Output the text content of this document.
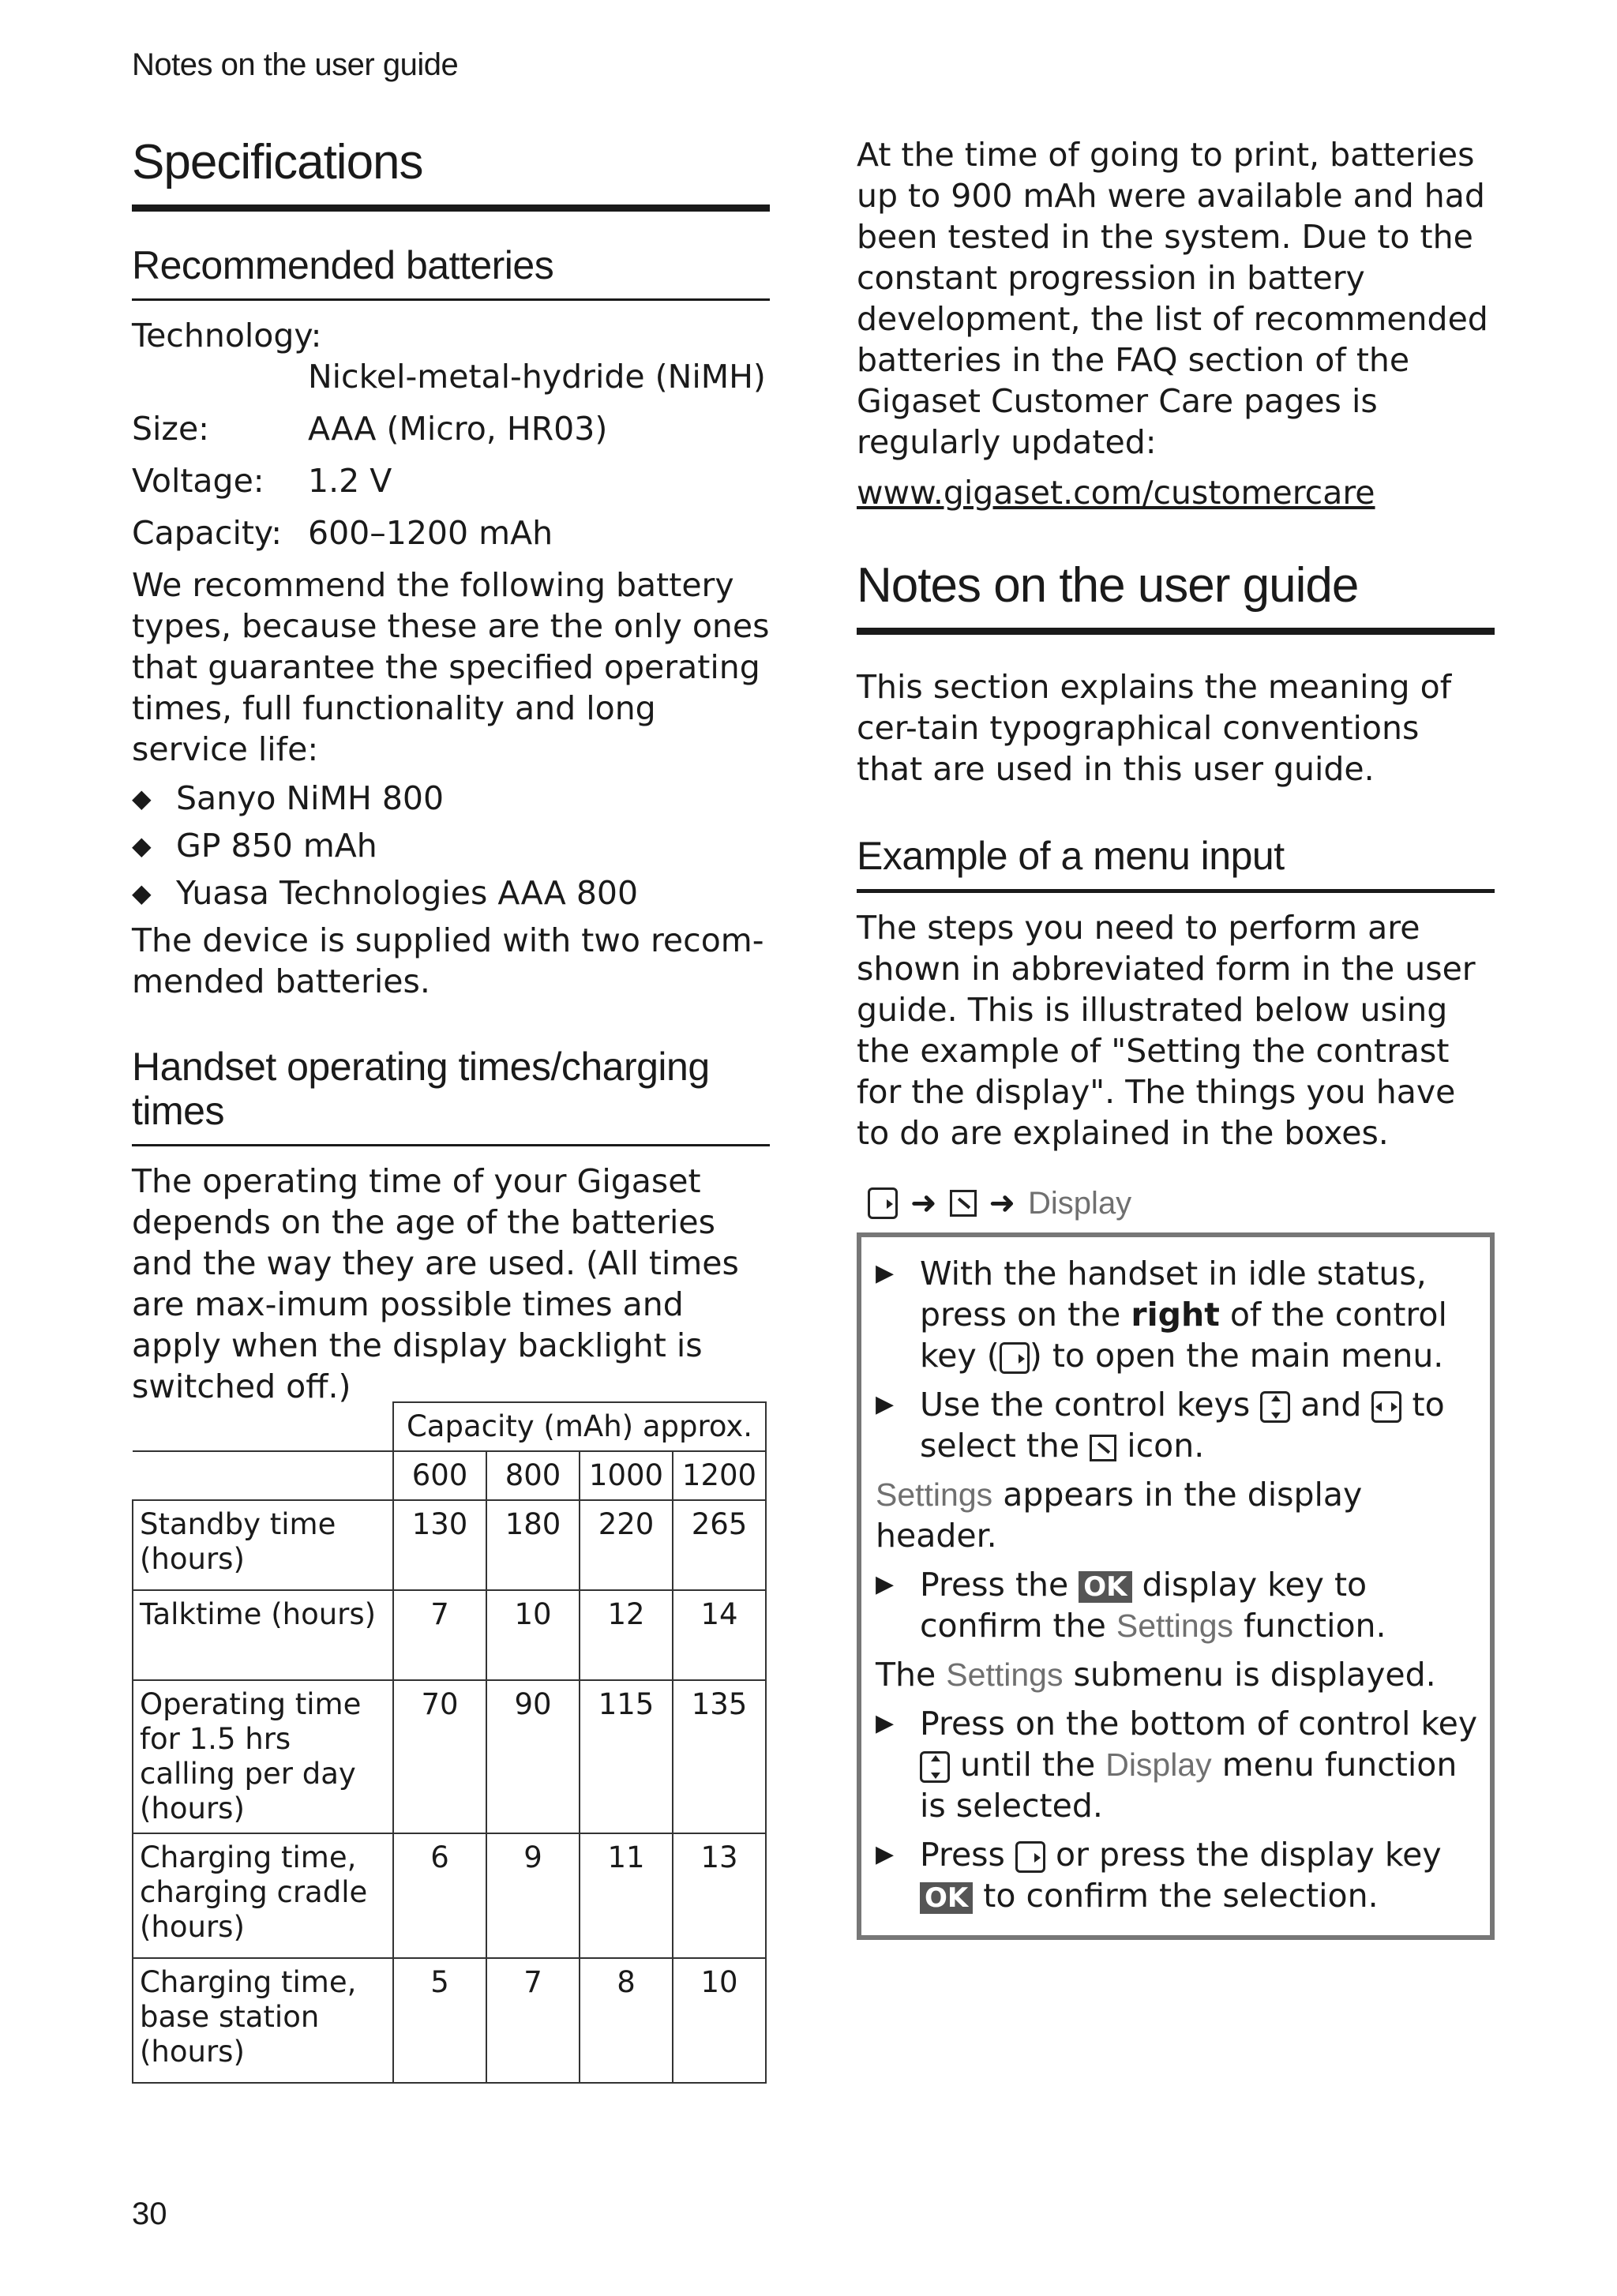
Notes on the user guide
Specifications
Recommended batteries
Technology:
Nickel-metal-hydride (NiMH)
Size:	AAA (Micro, HR03)
Voltage:	1.2 V
Capacity: 600–1200 mAh
We recommend the following battery types, because these are the only ones that guarantee the specified operating times, full functionality and long service life:
◆ Sanyo NiMH 800
◆ GP 850 mAh
◆ Yuasa Technologies AAA 800
The device is supplied with two recom-mended batteries.
Handset operating times/charging times
The operating time of your Gigaset depends on the age of the batteries and the way they are used. (All times are max-imum possible times and apply when the display backlight is switched off.)
	Capacity (mAh) approx.			
	600	800	1000	1200
Standby time (hours)	130	180	220	265
Talktime (hours)	7	10	12	14
Operating time for 1.5 hrs calling per day (hours)	70	90	115	135
Charging time, charging cradle (hours)	6	9	11	13
Charging time, base station (hours)	5	7	8	10
At the time of going to print, batteries up to 900 mAh were available and had been tested in the system. Due to the constant progression in battery development, the list of recommended batteries in the FAQ section of the Gigaset Customer Care pages is regularly updated:
www.gigaset.com/customercare
Notes on the user guide
This section explains the meaning of cer-tain typographical conventions that are used in this user guide.
Example of a menu input
The steps you need to perform are shown in abbreviated form in the user guide. This is illustrated below using the example of "Setting the contrast for the display". The things you have to do are explained in the boxes.
➜ ➜ Display
▶ With the handset in idle status, press on the right of the control key ( ) to open the main menu.
▶ Use the control keys  and  to select the  icon.
Settings appears in the display header.
▶ Press the OK display key to confirm the Settings function.
The Settings submenu is displayed.
▶ Press on the bottom of control key  until the Display menu function is selected.
▶ Press  or press the display key OK to confirm the selection.
30
